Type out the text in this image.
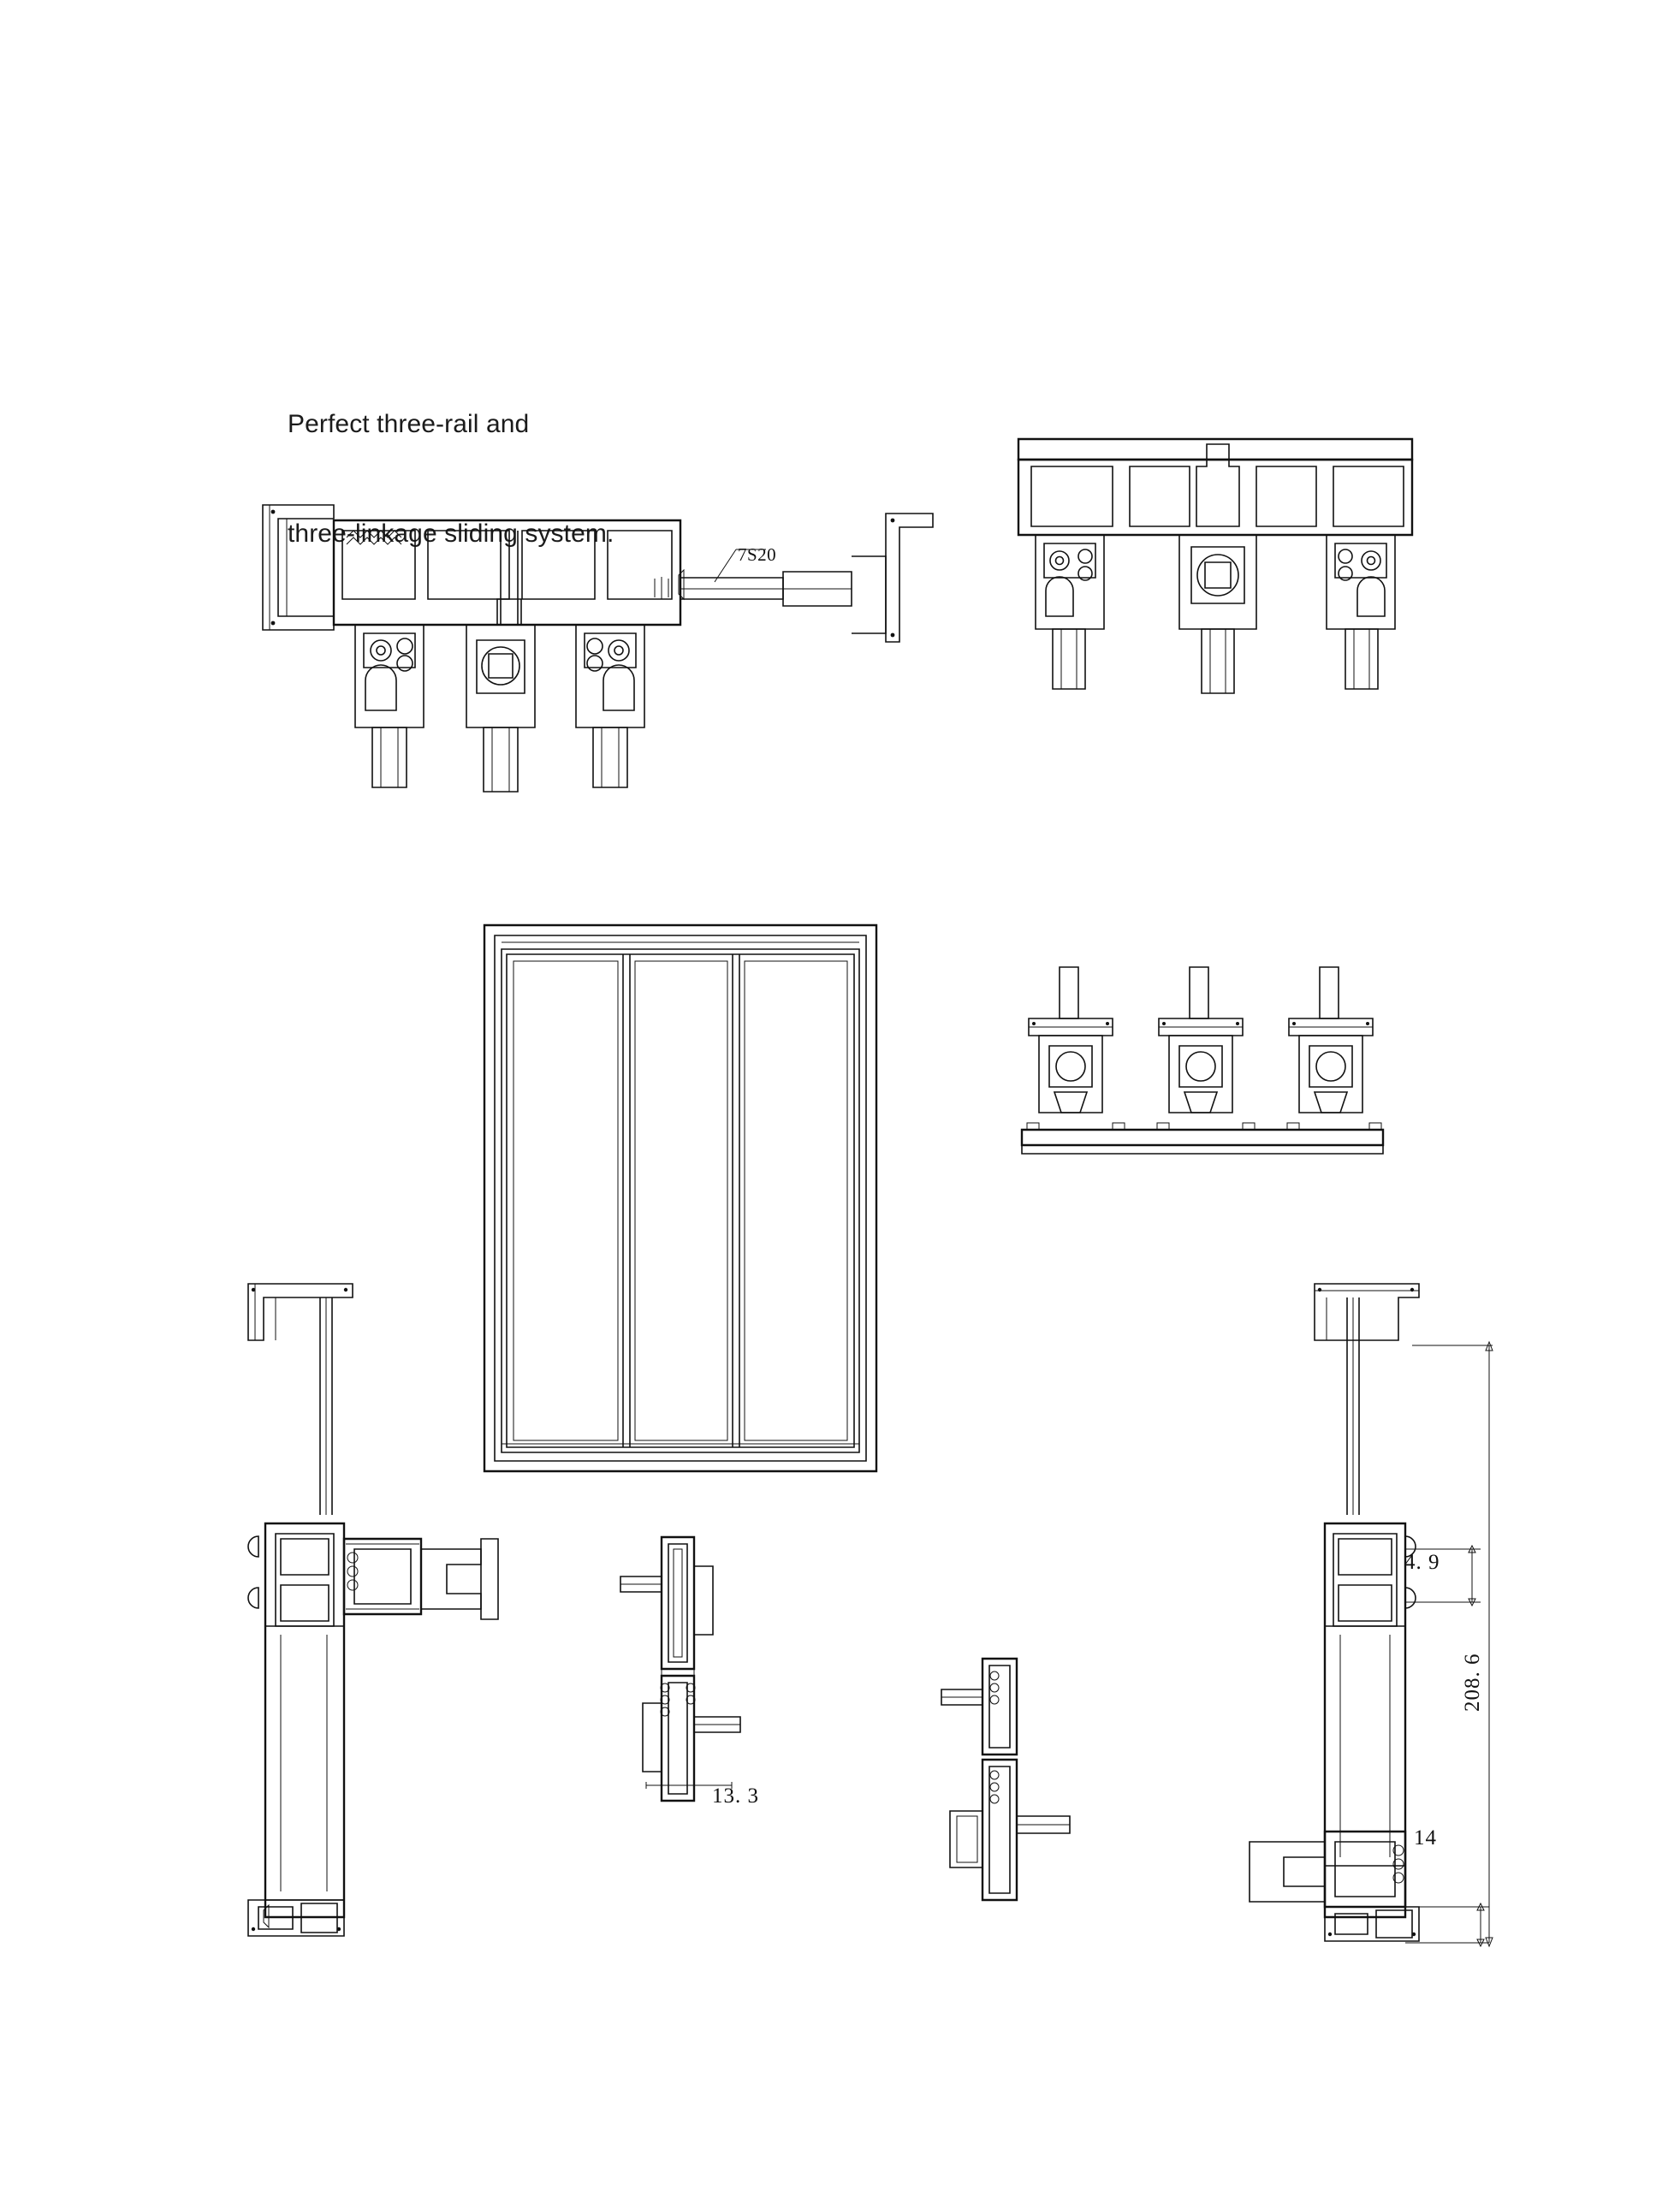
Perfect three-rail and

three-linkage sliding system.

7S20
13. 3
4. 9
14
208. 6
